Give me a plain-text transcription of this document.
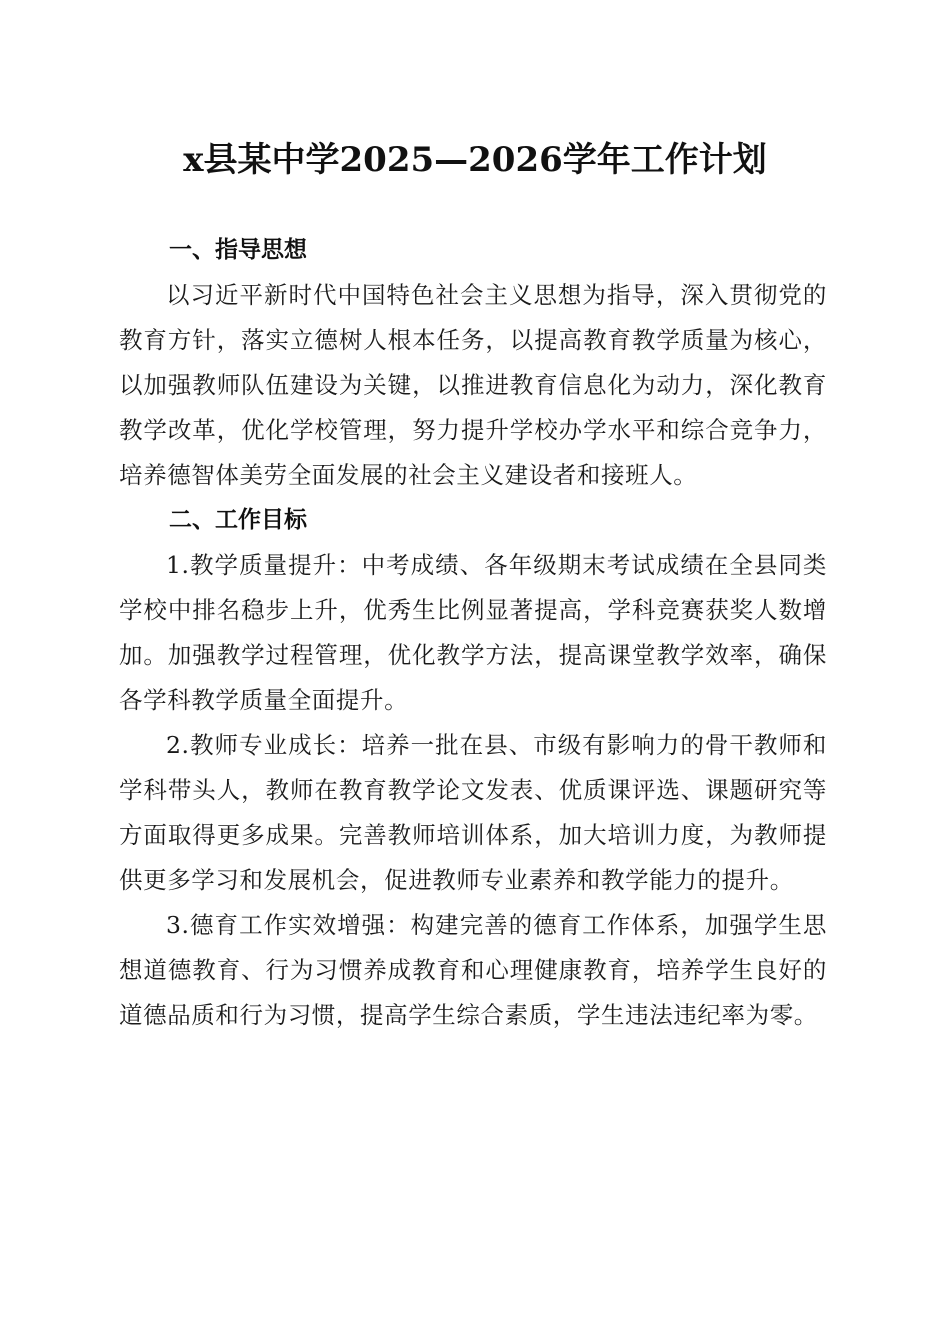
x县某中学2025—2026学年工作计划
一、指导思想

以习近平新时代中国特色社会主义思想为指导，深入贯彻党的教育方针，落实立德树人根本任务，以提高教育教学质量为核心，以加强教师队伍建设为关键，以推进教育信息化为动力，深化教育教学改革，优化学校管理，努力提升学校办学水平和综合竞争力，培养德智体美劳全面发展的社会主义建设者和接班人。

二、工作目标

1.教学质量提升：中考成绩、各年级期末考试成绩在全县同类学校中排名稳步上升，优秀生比例显著提高，学科竞赛获奖人数增加。加强教学过程管理，优化教学方法，提高课堂教学效率，确保各学科教学质量全面提升。

2.教师专业成长：培养一批在县、市级有影响力的骨干教师和学科带头人，教师在教育教学论文发表、优质课评选、课题研究等方面取得更多成果。完善教师培训体系，加大培训力度，为教师提供更多学习和发展机会，促进教师专业素养和教学能力的提升。

3.德育工作实效增强：构建完善的德育工作体系，加强学生思想道德教育、行为习惯养成教育和心理健康教育，培养学生良好的道德品质和行为习惯，提高学生综合素质，学生违法违纪率为零。
